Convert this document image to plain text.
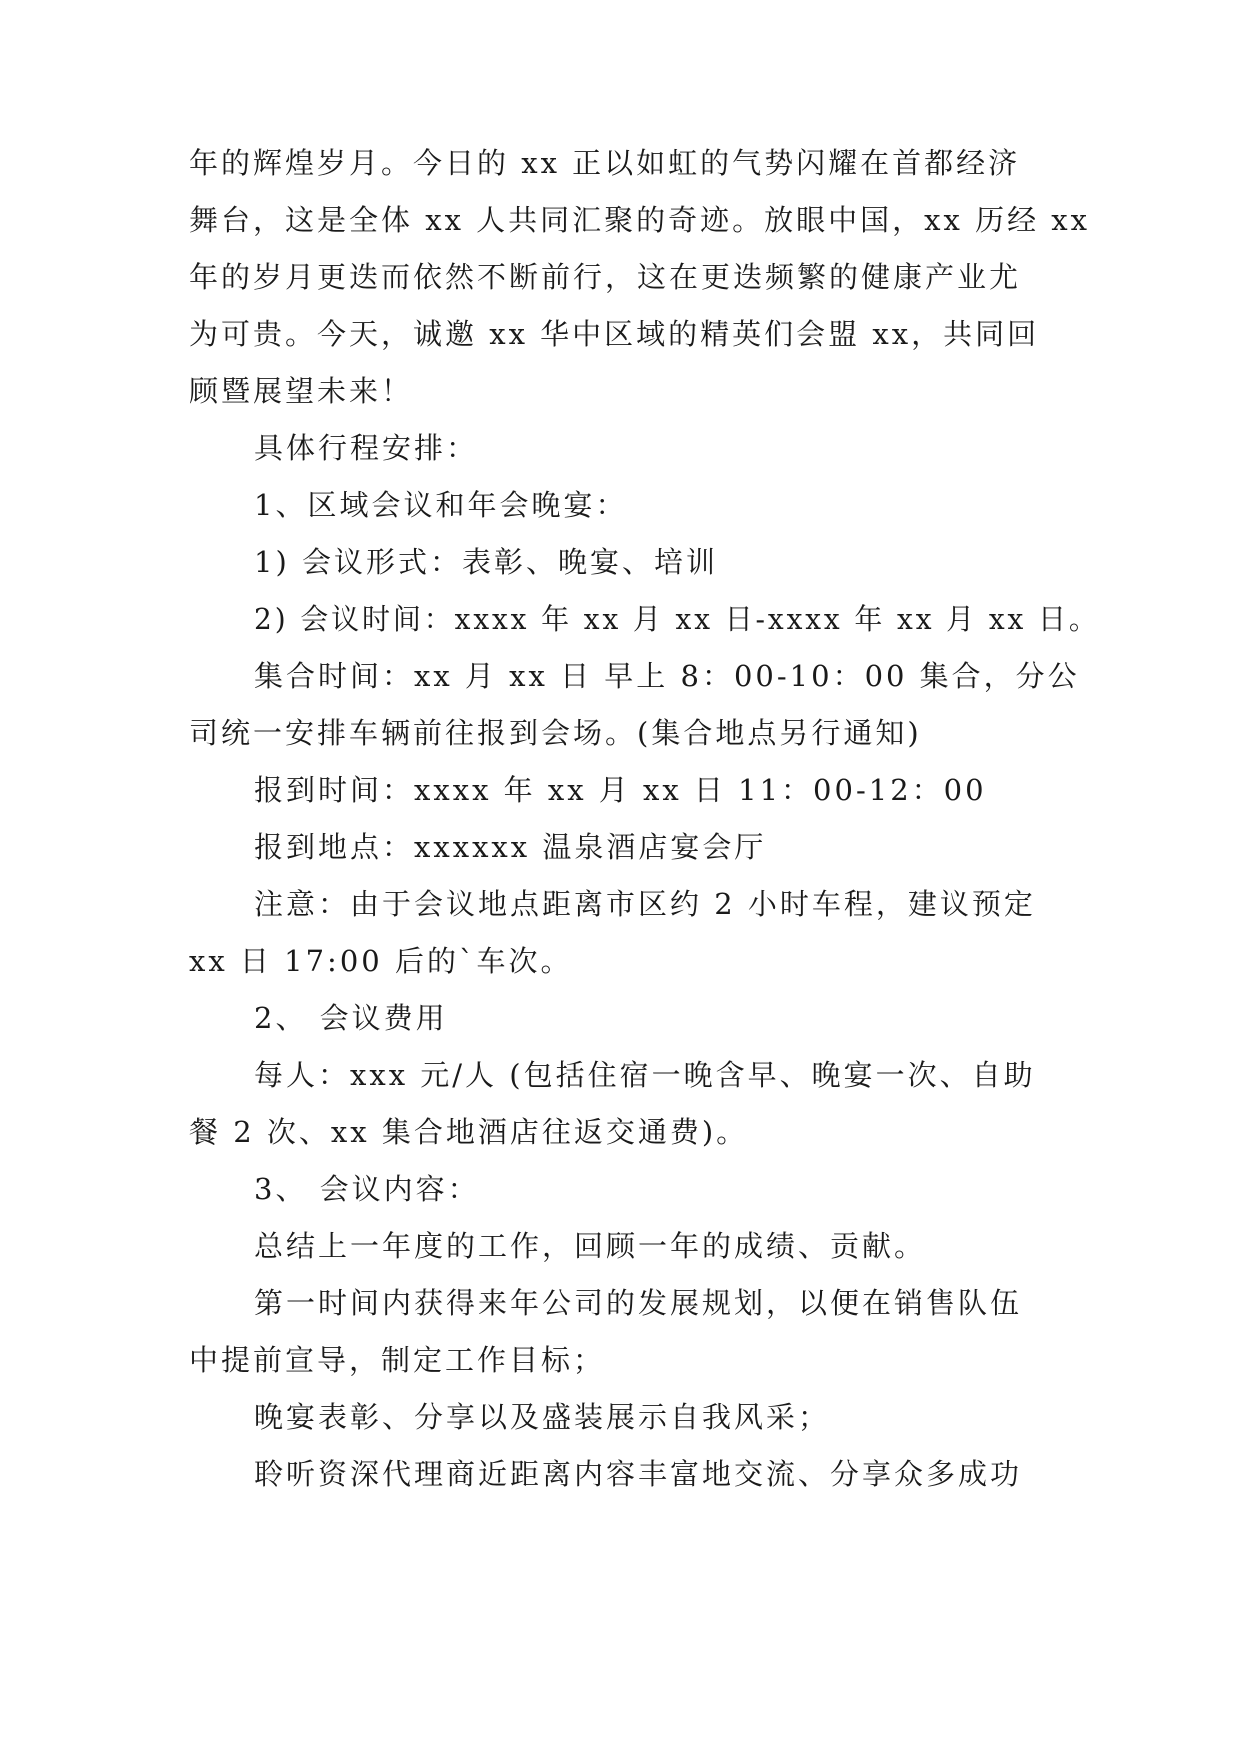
年的辉煌岁月。今日的 xx 正以如虹的气势闪耀在首都经济
舞台，这是全体 xx 人共同汇聚的奇迹。放眼中国，xx 历经 xx
年的岁月更迭而依然不断前行，这在更迭频繁的健康产业尤
为可贵。今天，诚邀 xx 华中区域的精英们会盟 xx，共同回
顾暨展望未来！
具体行程安排：
1、区域会议和年会晚宴：
1) 会议形式：表彰、晚宴、培训
2) 会议时间：xxxx 年 xx 月 xx 日-xxxx 年 xx 月 xx 日。
集合时间：xx 月 xx 日 早上 8：00-10：00 集合，分公
司统一安排车辆前往报到会场。(集合地点另行通知)
报到时间：xxxx 年 xx 月 xx 日 11：00-12：00
报到地点：xxxxxx 温泉酒店宴会厅
注意：由于会议地点距离市区约 2 小时车程，建议预定
xx 日 17:00 后的`车次。
2、 会议费用
每人：xxx 元/人 (包括住宿一晚含早、晚宴一次、自助
餐 2 次、xx 集合地酒店往返交通费)。
3、 会议内容：
总结上一年度的工作，回顾一年的成绩、贡献。
第一时间内获得来年公司的发展规划，以便在销售队伍
中提前宣导，制定工作目标；
晚宴表彰、分享以及盛装展示自我风采；
聆听资深代理商近距离内容丰富地交流、分享众多成功
